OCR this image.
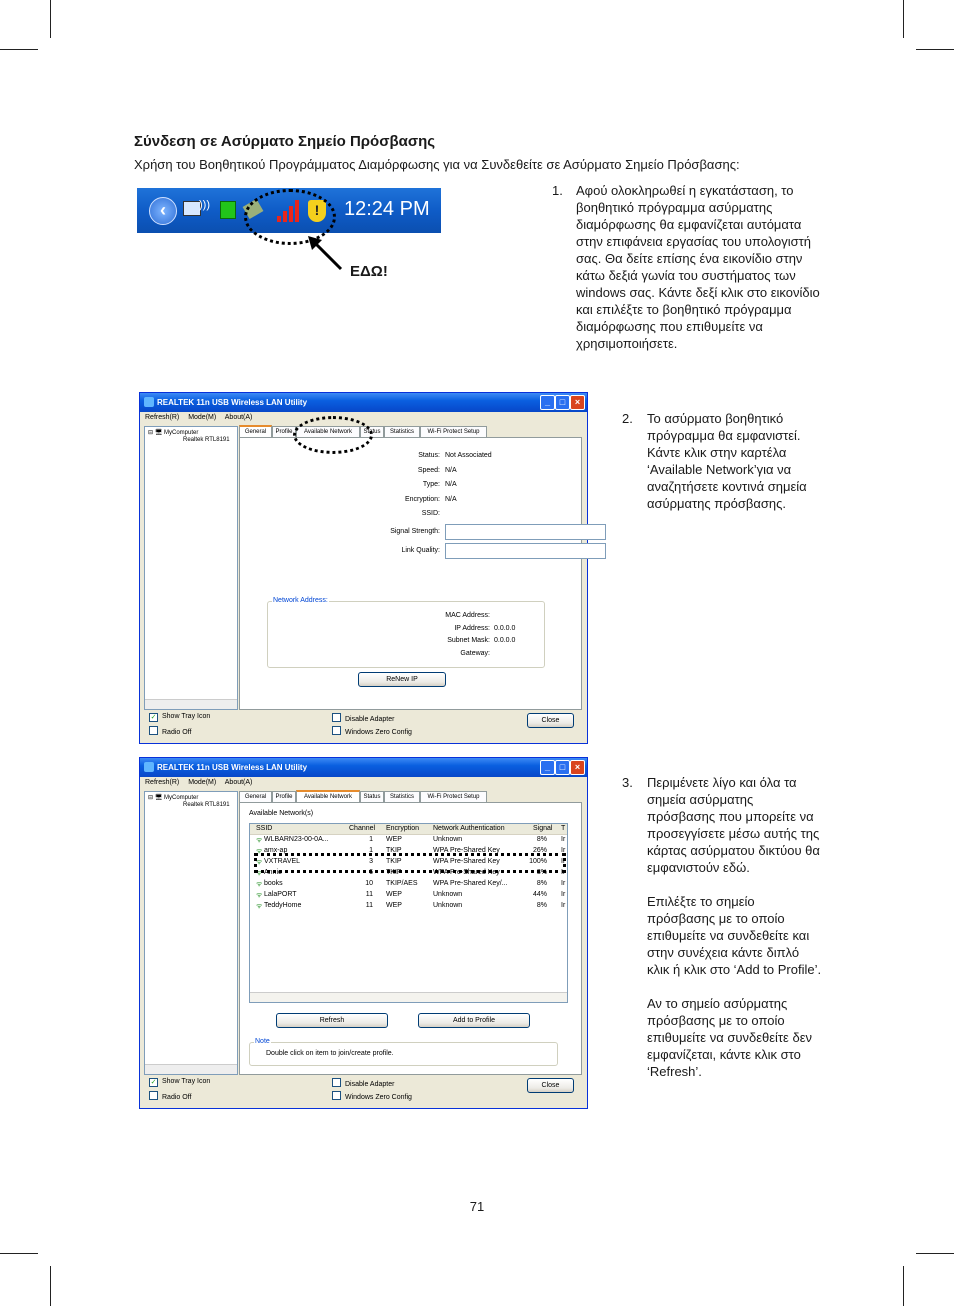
Σύνδεση σε Ασύρματο Σημείο Πρόσβασης
Χρήση του Βοηθητικού Προγράμματος Διαμόρφωσης για να Συνδεθείτε σε Ασύρματο Σημείο Πρόσβασης:
‹	)))	!	12:24 PM
ΕΔΩ!
1. Αφού ολοκληρωθεί η εγκατάσταση, το βοηθητικό πρόγραμμα ασύρματης διαμόρφωσης θα εμφανίζεται αυτόματα στην επιφάνεια εργασίας του υπολογιστή σας. Θα δείτε επίσης ένα εικονίδιο στην κάτω δεξιά γωνία του συστήματος των windows σας. Κάντε δεξί κλικ στο εικονίδιο και επιλέξτε το βοηθητικό πρόγραμμα διαμόρφωσης που επιθυμείτε να χρησιμοποιήσετε.
REALTEK 11n USB Wireless LAN Utility	_	□	×
Refresh(R) Mode(M) About(A)
⊟ 🖥 MyComputer
Realtek RTL8191
General	Profile	Available Network	Status	Statistics	Wi-Fi Protect Setup
Status: Not Associated
Speed: N/A
Type: N/A
Encryption: N/A
SSID:
Signal Strength:
Link Quality:
Network Address:
MAC Address:
IP Address: 0.0.0.0
Subnet Mask: 0.0.0.0
Gateway:
ReNew IP
✓ Show Tray Icon
Radio Off
Disable Adapter
Windows Zero Config
Close
2. Το ασύρματο βοηθητικό πρόγραμμα θα εμφανιστεί. Κάντε κλικ στην καρτέλα ‘Available Network’για να αναζητήσετε κοντινά σημεία ασύρματης πρόσβασης.
REALTEK 11n USB Wireless LAN Utility	_	□	×
Refresh(R) Mode(M) About(A)
⊟ 🖥 MyComputer
Realtek RTL8191
General	Profile	Available Network	Status	Statistics	Wi-Fi Protect Setup
Available Network(s)
SSID	Channel Encryption Network Authentication	Signal T
WLBARN23-00-0A...	1 WEP	Unknown	8% Ir
ᯤ
amx-ap	1 TKIP	WPA Pre-Shared Key	26% Ir
ᯤ
VXTRAVEL	3 TKIP	WPA Pre-Shared Key	100% Ir
ᯤ
Annie	6 TKIP	WPA Pre-Shared Key	8% Ir
ᯤ
books	10 TKIP/AES WPA Pre-Shared Key/...	8% Ir
ᯤ
LalaPORT	11 WEP	Unknown	44% Ir
ᯤ
TeddyHome	11 WEP	Unknown	8% Ir
ᯤ
Refresh	Add to Profile
Note
Double click on item to join/create profile.
✓ Show Tray Icon
Radio Off
Disable Adapter
Windows Zero Config
Close
3. Περιμένετε λίγο και όλα τα σημεία ασύρματης πρόσβασης που μπορείτε να προσεγγίσετε μέσω αυτής της κάρτας ασύρματου δικτύου θα εμφανιστούν εδώ.

Επιλέξτε το σημείο πρόσβασης με το οποίο επιθυμείτε να συνδεθείτε και στην συνέχεια κάντε διπλό κλικ ή κλικ στο ‘Add to Profile’.

Αν το σημείο ασύρματης πρόσβασης με το οποίο επιθυμείτε να συνδεθείτε δεν εμφανίζεται, κάντε κλικ στο ‘Refresh’.

71
